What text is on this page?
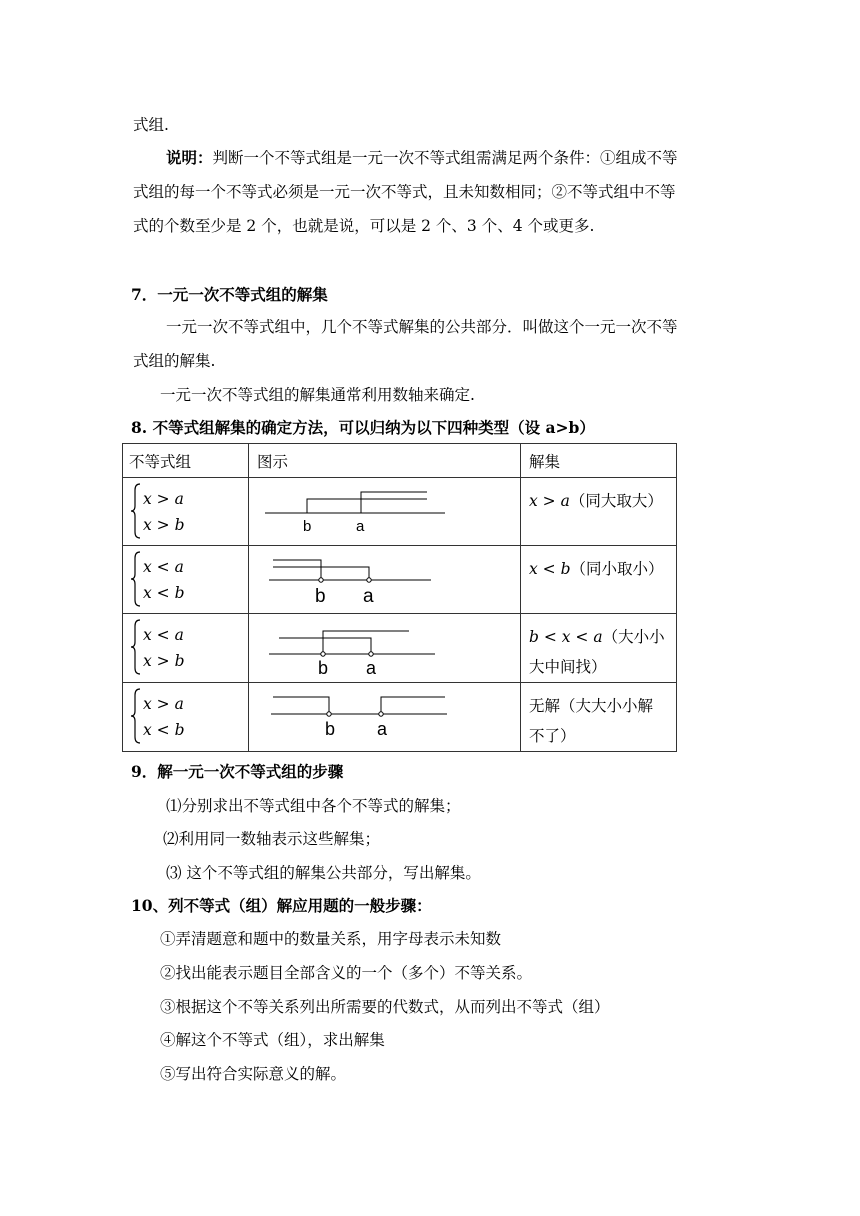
式组.
说明：判断一个不等式组是一元一次不等式组需满足两个条件：①组成不等
式组的每一个不等式必须是一元一次不等式，且未知数相同；②不等式组中不等
式的个数至少是 2 个，也就是说，可以是 2 个、3 个、4 个或更多.
7．一元一次不等式组的解集
一元一次不等式组中，几个不等式解集的公共部分．叫做这个一元一次不等
式组的解集.
一元一次不等式组的解集通常利用数轴来确定.
8. 不等式组解集的确定方法，可以归纳为以下四种类型（设 a>b）
不等式组	图示	解集

x > a
x > b	b a	x > a（同大取大）

x < a
x < b	b a	x < b（同小取小）

x < a
x > b	b a	b < x < a（大小小
大中间找）

x > a
x < b	b a	无解（大大小小解
不了）
9．解一元一次不等式组的步骤
⑴分别求出不等式组中各个不等式的解集；
⑵利用同一数轴表示这些解集；
⑶ 这个不等式组的解集公共部分，写出解集。
10、列不等式（组）解应用题的一般步骤：
①弄清题意和题中的数量关系，用字母表示未知数
②找出能表示题目全部含义的一个（多个）不等关系。
③根据这个不等关系列出所需要的代数式，从而列出不等式（组）
④解这个不等式（组），求出解集
⑤写出符合实际意义的解。
